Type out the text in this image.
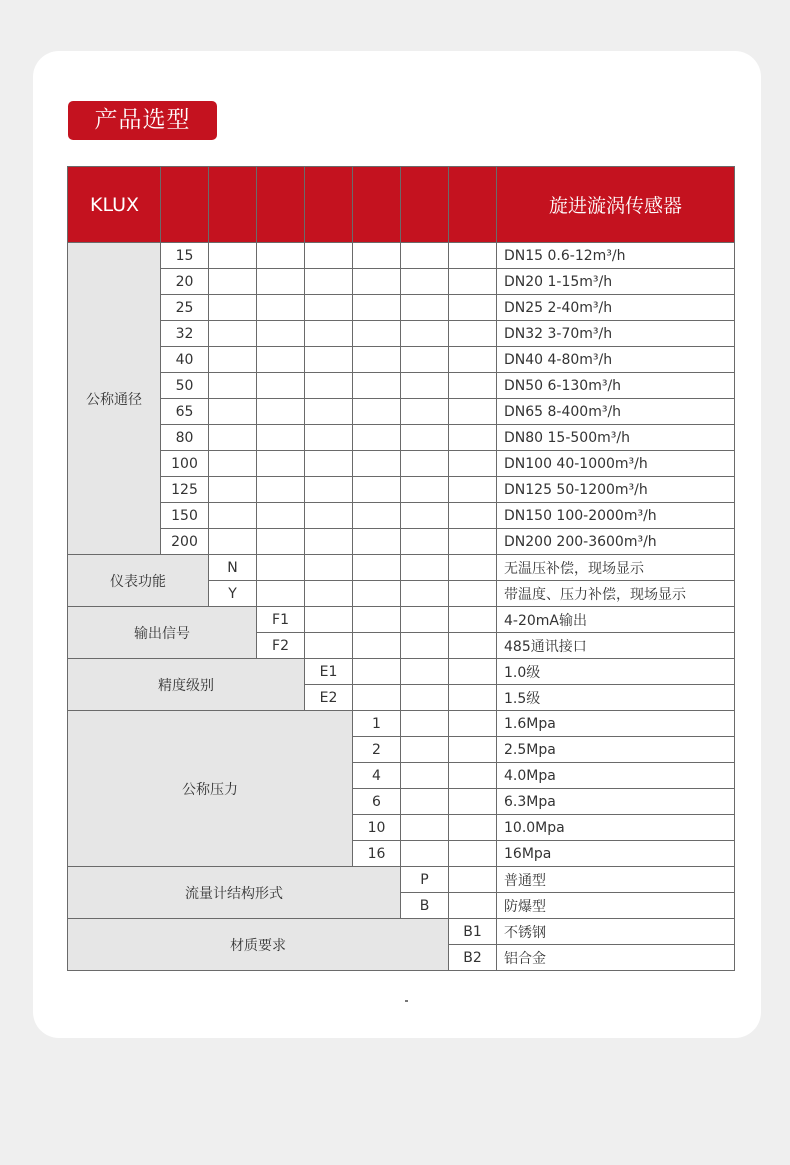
产品选型
KLUX								旋进漩涡传感器
公称通径	15							DN15 0.6-12m³/h
	20							DN20 1-15m³/h
	25							DN25 2-40m³/h
	32							DN32 3-70m³/h
	40							DN40 4-80m³/h
	50							DN50 6-130m³/h
	65							DN65 8-400m³/h
	80							DN80 15-500m³/h
	100							DN100 40-1000m³/h
	125							DN125 50-1200m³/h
	150							DN150 100-2000m³/h
	200							DN200 200-3600m³/h
仪表功能		N						无温压补偿，现场显示
		Y						带温度、压力补偿，现场显示
输出信号			F1					4-20mA输出
			F2					485通讯接口
精度级别				E1				1.0级
				E2				1.5级
公称压力					1			1.6Mpa
					2			2.5Mpa
					4			4.0Mpa
					6			6.3Mpa
					10			10.0Mpa
					16			16Mpa
流量计结构形式						P		普通型
						B		防爆型
材质要求							B1	不锈钢
							B2	铝合金
